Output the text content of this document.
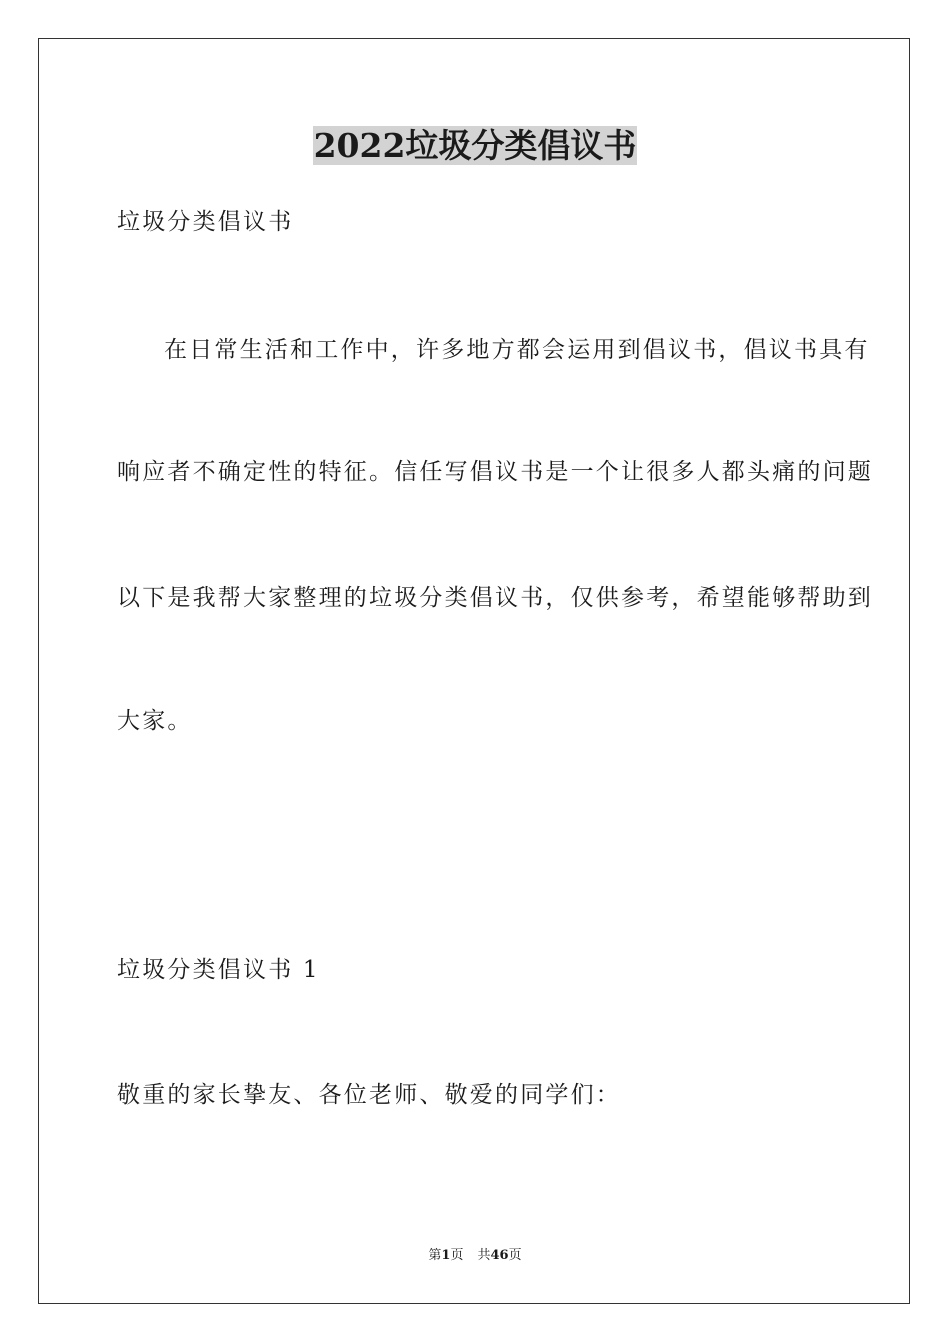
2022垃圾分类倡议书
垃圾分类倡议书
在日常生活和工作中，许多地方都会运用到倡议书，倡议书具有
响应者不确定性的特征。信任写倡议书是一个让很多人都头痛的问题
以下是我帮大家整理的垃圾分类倡议书，仅供参考，希望能够帮助到
大家。
垃圾分类倡议书 1
敬重的家长挚友、各位老师、敬爱的同学们：
第1页 共46页
